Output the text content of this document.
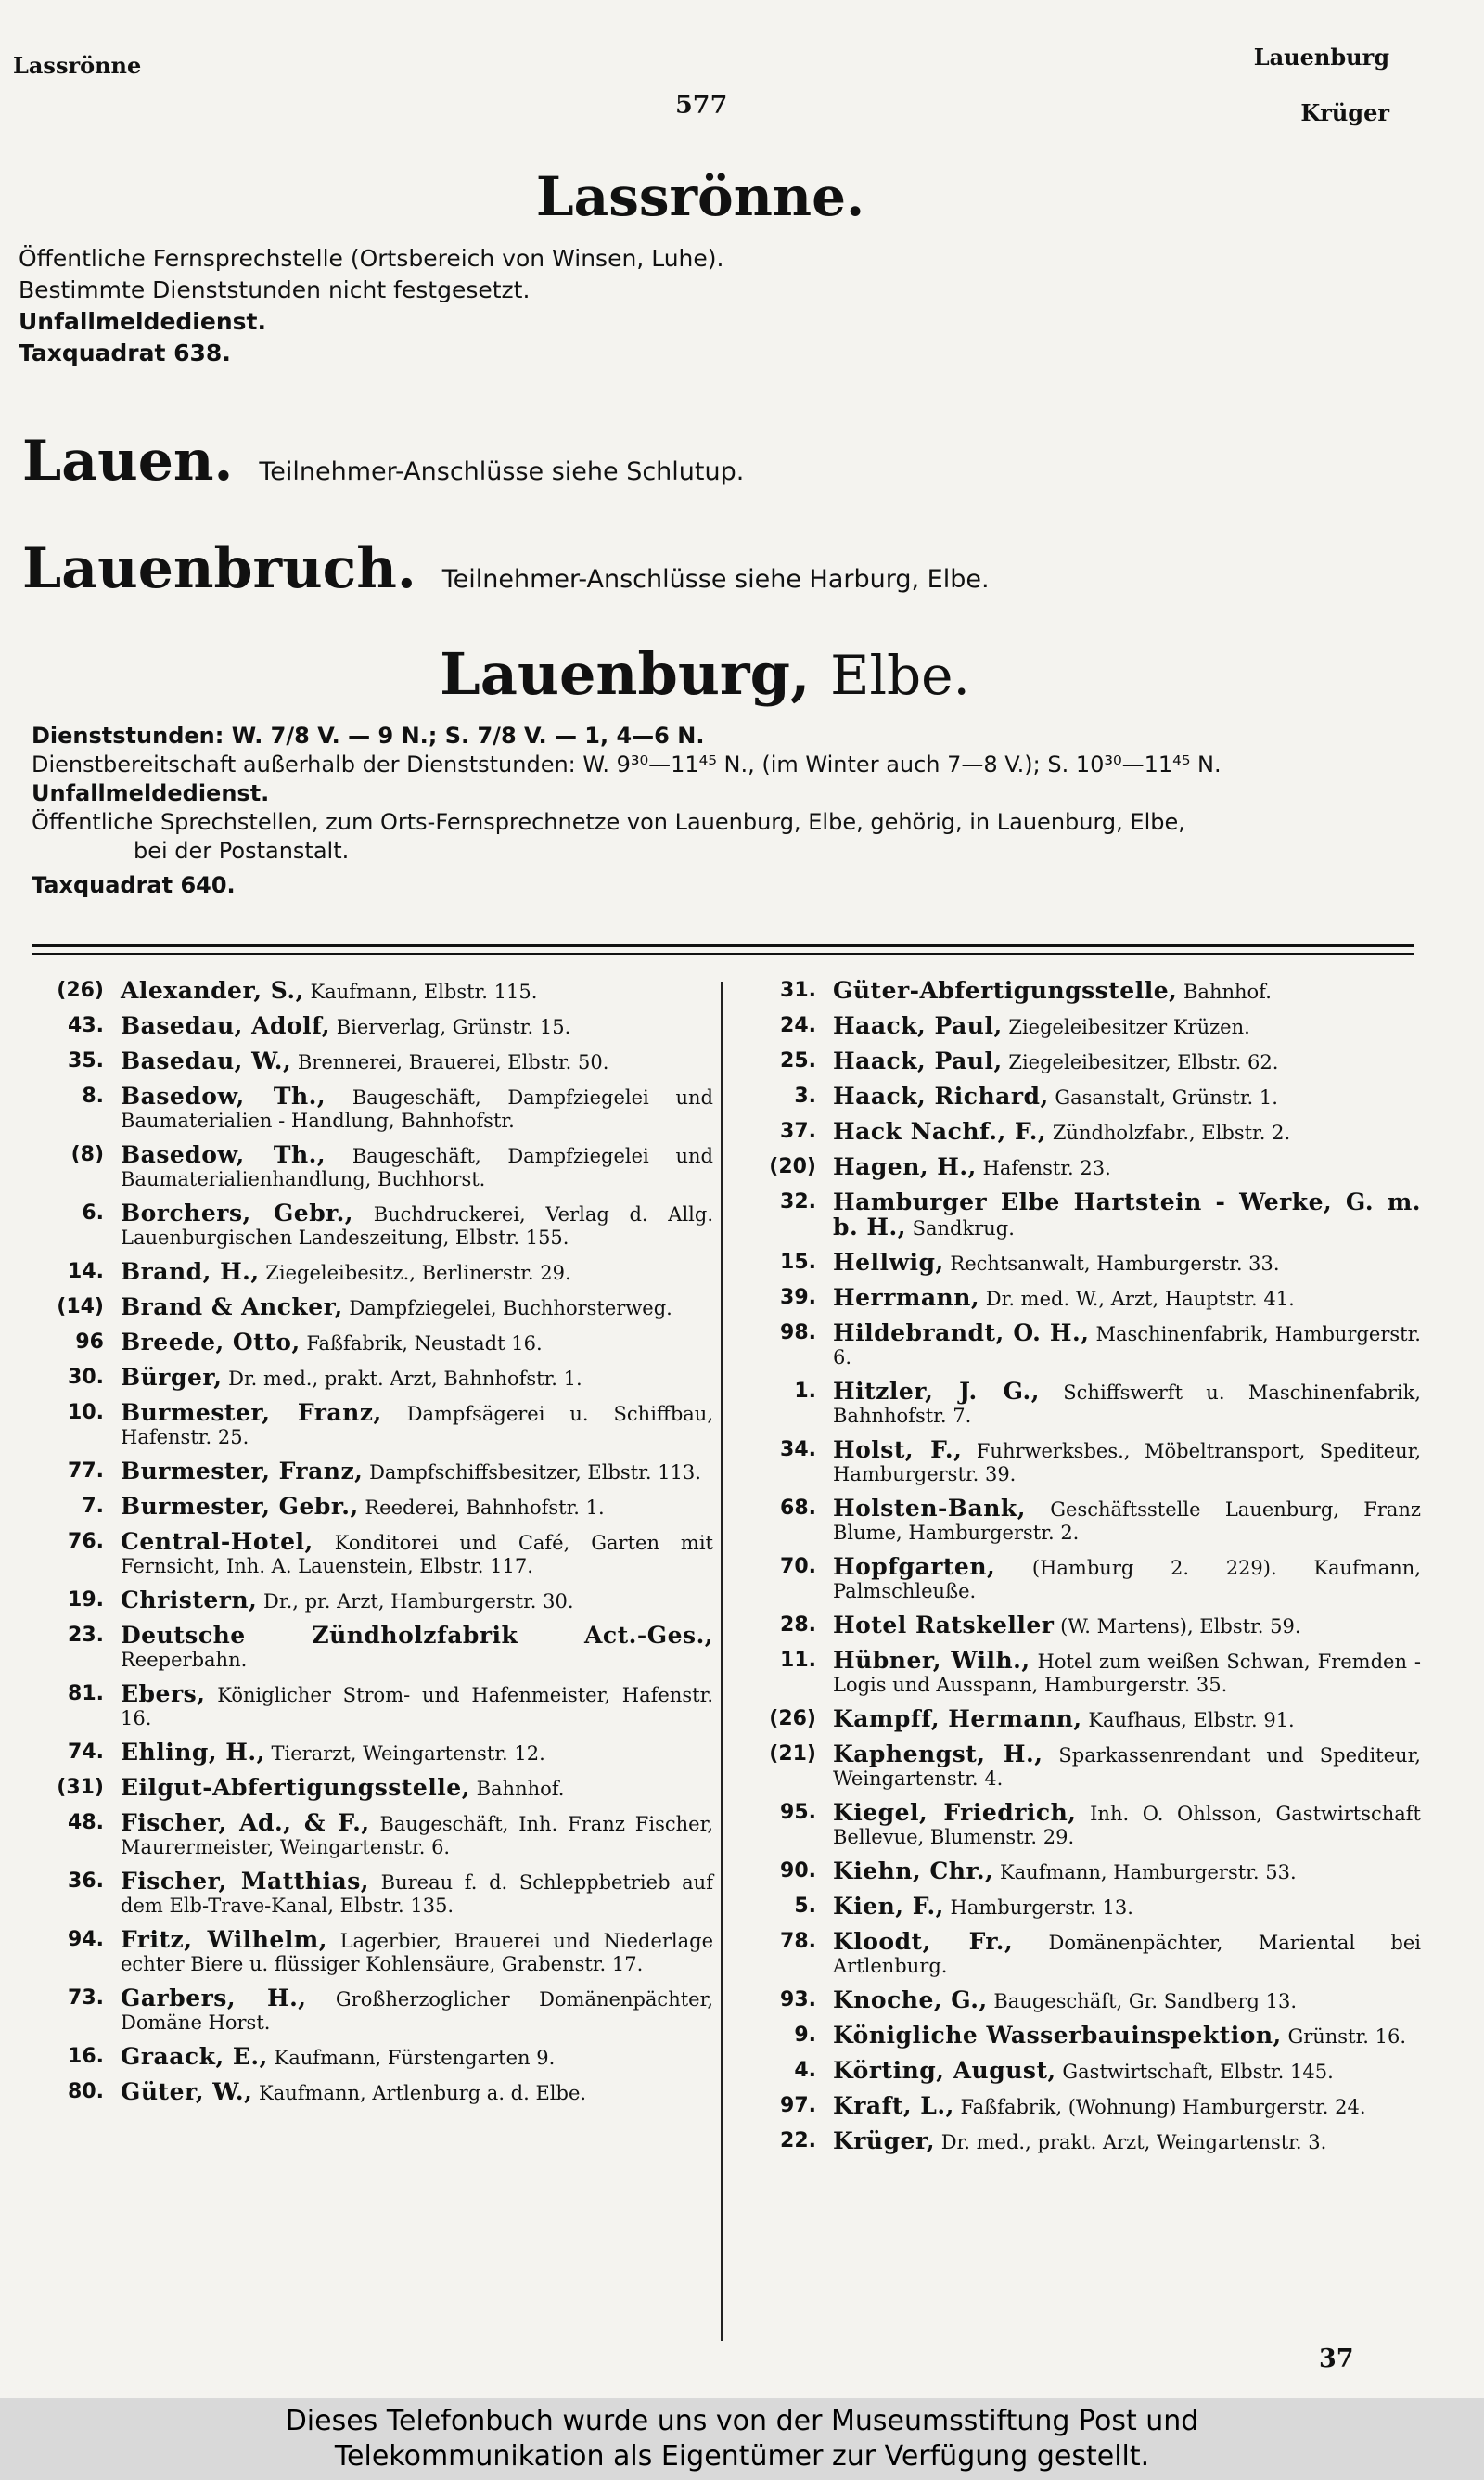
Lassrönne
577
Lauenburg
Krüger
Lassrönne.
Öffentliche Fernsprechstelle (Ortsbereich von Winsen, Luhe).
Bestimmte Dienststunden nicht festgesetzt.
Unfallmeldedienst.
Taxquadrat 638.
Lauen. Teilnehmer-Anschlüsse siehe Schlutup.
Lauenbruch. Teilnehmer-Anschlüsse siehe Harburg, Elbe.
Lauenburg, Elbe.
Dienststunden: W. 7/8 V. — 9 N.; S. 7/8 V. — 1, 4—6 N.
Dienstbereitschaft außerhalb der Dienststunden: W. 9³⁰—11⁴⁵ N., (im Winter auch 7—8 V.); S. 10³⁰—11⁴⁵ N.
Unfallmeldedienst.
Öffentliche Sprechstellen, zum Orts-Fernsprechnetze von Lauenburg, Elbe, gehörig, in Lauenburg, Elbe,
bei der Postanstalt.
Taxquadrat 640.
(26) Alexander, S., Kaufmann, Elbstr. 115.
43. Basedau, Adolf, Bierverlag, Grünstr. 15.
35. Basedau, W., Brennerei, Brauerei, Elbstr. 50.
8. Basedow, Th., Baugeschäft, Dampfziegelei und Baumaterialien - Handlung, Bahnhofstr.
(8) Basedow, Th., Baugeschäft, Dampfziegelei und Baumaterialienhandlung, Buchhorst.
6. Borchers, Gebr., Buchdruckerei, Verlag d. Allg. Lauenburgischen Landeszeitung, Elbstr. 155.
14. Brand, H., Ziegeleibesitz., Berlinerstr. 29.
(14) Brand & Ancker, Dampfziegelei, Buchhorsterweg.
96 Breede, Otto, Faßfabrik, Neustadt 16.
30. Bürger, Dr. med., prakt. Arzt, Bahnhofstr. 1.
10. Burmester, Franz, Dampfsägerei u. Schiffbau, Hafenstr. 25.
77. Burmester, Franz, Dampfschiffsbesitzer, Elbstr. 113.
7. Burmester, Gebr., Reederei, Bahnhofstr. 1.
76. Central-Hotel, Konditorei und Café, Garten mit Fernsicht, Inh. A. Lauenstein, Elbstr. 117.
19. Christern, Dr., pr. Arzt, Hamburgerstr. 30.
23. Deutsche Zündholzfabrik Act.-Ges., Reeperbahn.
81. Ebers, Königlicher Strom- und Hafenmeister, Hafenstr. 16.
74. Ehling, H., Tierarzt, Weingartenstr. 12.
(31) Eilgut-Abfertigungsstelle, Bahnhof.
48. Fischer, Ad., & F., Baugeschäft, Inh. Franz Fischer, Maurermeister, Weingartenstr. 6.
36. Fischer, Matthias, Bureau f. d. Schleppbetrieb auf dem Elb-Trave-Kanal, Elbstr. 135.
94. Fritz, Wilhelm, Lagerbier, Brauerei und Niederlage echter Biere u. flüssiger Kohlensäure, Grabenstr. 17.
73. Garbers, H., Großherzoglicher Domänenpächter, Domäne Horst.
16. Graack, E., Kaufmann, Fürstengarten 9.
80. Güter, W., Kaufmann, Artlenburg a. d. Elbe.
31. Güter-Abfertigungsstelle, Bahnhof.
24. Haack, Paul, Ziegeleibesitzer Krüzen.
25. Haack, Paul, Ziegeleibesitzer, Elbstr. 62.
3. Haack, Richard, Gasanstalt, Grünstr. 1.
37. Hack Nachf., F., Zündholzfabr., Elbstr. 2.
(20) Hagen, H., Hafenstr. 23.
32. Hamburger Elbe Hartstein - Werke, G. m. b. H., Sandkrug.
15. Hellwig, Rechtsanwalt, Hamburgerstr. 33.
39. Herrmann, Dr. med. W., Arzt, Hauptstr. 41.
98. Hildebrandt, O. H., Maschinenfabrik, Hamburgerstr. 6.
1. Hitzler, J. G., Schiffswerft u. Maschinenfabrik, Bahnhofstr. 7.
34. Holst, F., Fuhrwerksbes., Möbeltransport, Spediteur, Hamburgerstr. 39.
68. Holsten-Bank, Geschäftsstelle Lauenburg, Franz Blume, Hamburgerstr. 2.
70. Hopfgarten, (Hamburg 2. 229). Kaufmann, Palmschleuße.
28. Hotel Ratskeller (W. Martens), Elbstr. 59.
11. Hübner, Wilh., Hotel zum weißen Schwan, Fremden - Logis und Ausspann, Hamburgerstr. 35.
(26) Kampff, Hermann, Kaufhaus, Elbstr. 91.
(21) Kaphengst, H., Sparkassenrendant und Spediteur, Weingartenstr. 4.
95. Kiegel, Friedrich, Inh. O. Ohlsson, Gastwirtschaft Bellevue, Blumenstr. 29.
90. Kiehn, Chr., Kaufmann, Hamburgerstr. 53.
5. Kien, F., Hamburgerstr. 13.
78. Kloodt, Fr., Domänenpächter, Mariental bei Artlenburg.
93. Knoche, G., Baugeschäft, Gr. Sandberg 13.
9. Königliche Wasserbauinspektion, Grünstr. 16.
4. Körting, August, Gastwirtschaft, Elbstr. 145.
97. Kraft, L., Faßfabrik, (Wohnung) Hamburgerstr. 24.
22. Krüger, Dr. med., prakt. Arzt, Weingartenstr. 3.
37
Dieses Telefonbuch wurde uns von der Museumsstiftung Post und
Telekommunikation als Eigentümer zur Verfügung gestellt.
